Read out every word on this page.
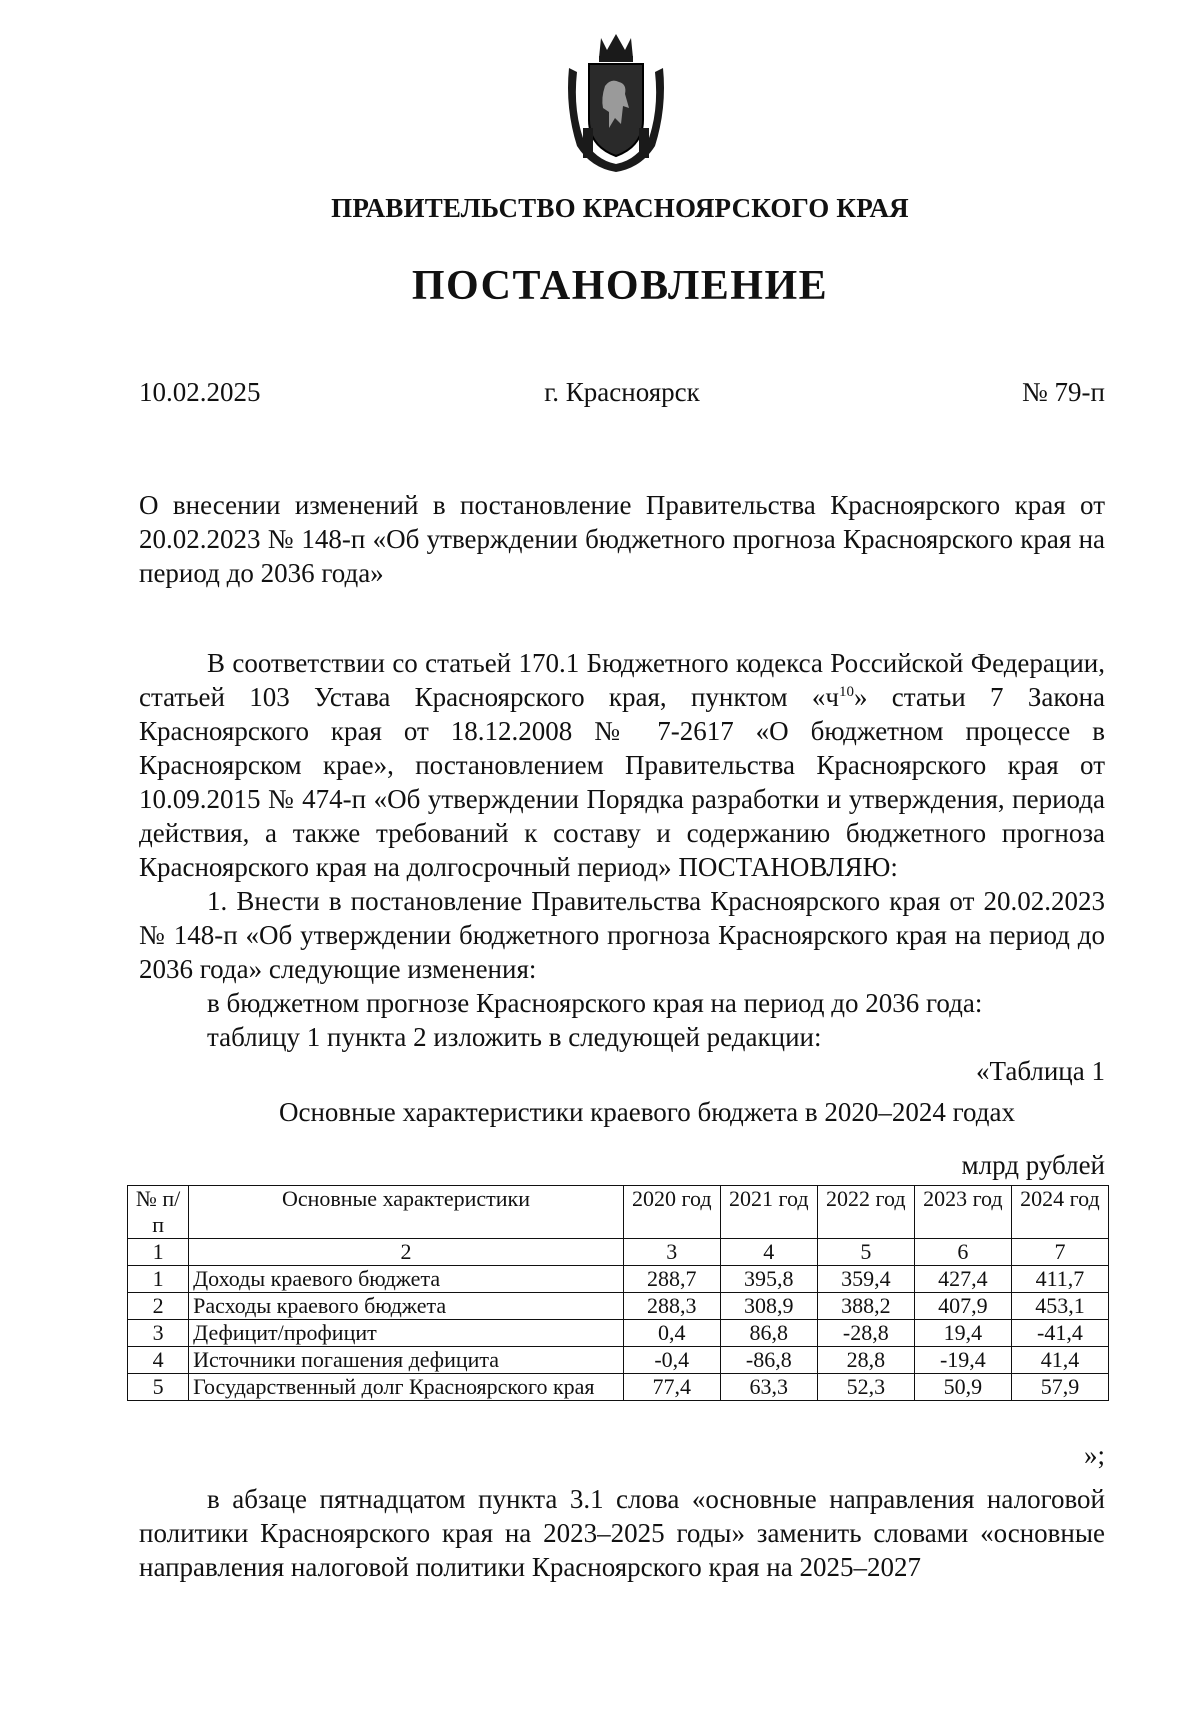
ПРАВИТЕЛЬСТВО КРАСНОЯРСКОГО КРАЯ
ПОСТАНОВЛЕНИЕ
10.02.2025	г. Красноярск	№ 79-п

О внесении изменений в постановление Правительства Красноярского края от 20.02.2023 № 148-п «Об утверждении бюджетного прогноза Красноярского края на период до 2036 года»

В соответствии со статьей 170.1 Бюджетного кодекса Российской Федерации, статьей 103 Устава Красноярского края, пунктом «$ч^{10}$» статьи 7 Закона Красноярского края от 18.12.2008 № 7-2617 «О бюджетном процессе в Красноярском крае», постановлением Правительства Красноярского края от 10.09.2015 № 474-п «Об утверждении Порядка разработки и утверждения, периода действия, а также требований к составу и содержанию бюджетного прогноза Красноярского края на долгосрочный период» ПОСТАНОВЛЯЮ:

1. Внести в постановление Правительства Красноярского края от 20.02.2023 № 148-п «Об утверждении бюджетного прогноза Красноярского края на период до 2036 года» следующие изменения:

в бюджетном прогнозе Красноярского края на период до 2036 года:

таблицу 1 пункта 2 изложить в следующей редакции:

«Таблица 1

Основные характеристики краевого бюджета в 2020–2024 годах
млрд рублей
№ п/п	Основные характеристики	2020 год	2021 год	2022 год	2023 год	2024 год
1	2	3	4	5	6	7
1	Доходы краевого бюджета	288,7	395,8	359,4	427,4	411,7
2	Расходы краевого бюджета	288,3	308,9	388,2	407,9	453,1
3	Дефицит/профицит	0,4	86,8	-28,8	19,4	-41,4
4	Источники погашения дефицита	-0,4	-86,8	28,8	-19,4	41,4
5	Государственный долг Красноярского края	77,4	63,3	52,3	50,9	57,9
»;

в абзаце пятнадцатом пункта 3.1 слова «основные направления налоговой политики Красноярского края на 2023–2025 годы» заменить словами «основные направления налоговой политики Красноярского края на 2025–2027
